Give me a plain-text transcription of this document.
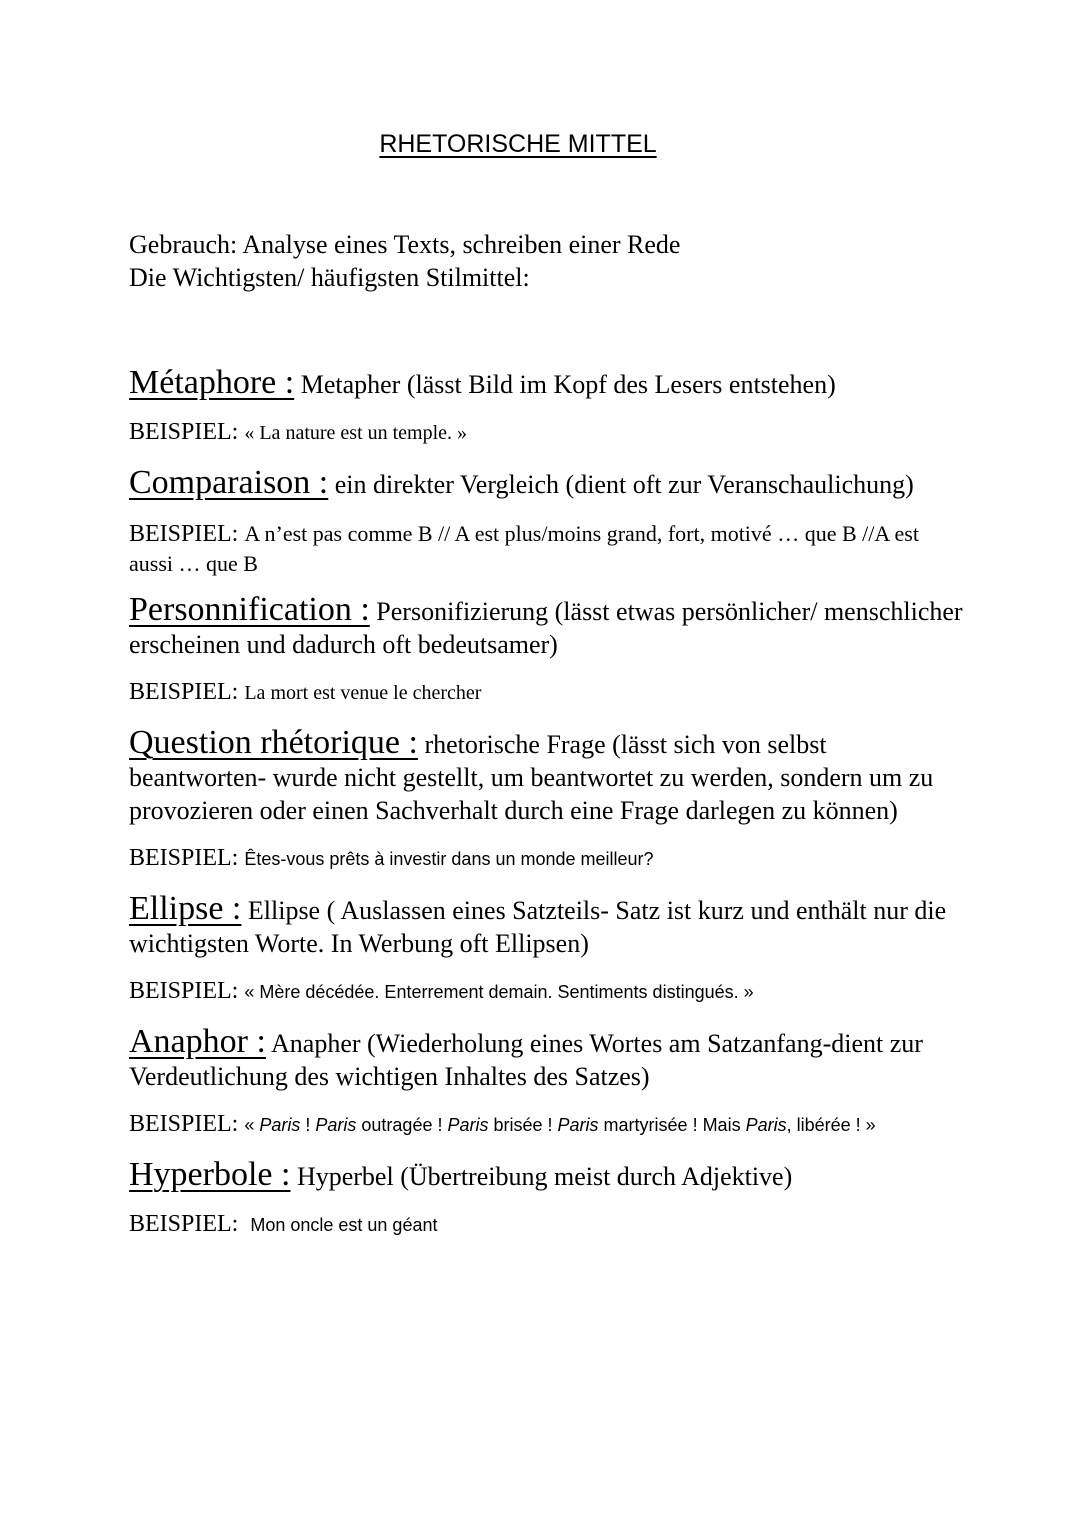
RHETORISCHE MITTEL
Gebrauch: Analyse eines Texts, schreiben einer Rede
Die Wichtigsten/ häufigsten Stilmittel:

Métaphore : Metapher (lässt Bild im Kopf des Lesers entstehen)

BEISPIEL: « La nature est un temple. »

Comparaison : ein direkter Vergleich (dient oft zur Veranschaulichung)

BEISPIEL: A n’est pas comme B // A est plus/moins grand, fort, motivé … que B //A est aussi … que B

Personnification : Personifizierung (lässt etwas persönlicher/ menschlicher erscheinen und dadurch oft bedeutsamer)

BEISPIEL: La mort est venue le chercher

Question rhétorique : rhetorische Frage (lässt sich von selbst beantworten- wurde nicht gestellt, um beantwortet zu werden, sondern um zu provozieren oder einen Sachverhalt durch eine Frage darlegen zu können)

BEISPIEL: Êtes-vous prêts à investir dans un monde meilleur?

Ellipse : Ellipse ( Auslassen eines Satzteils- Satz ist kurz und enthält nur die wichtigsten Worte. In Werbung oft Ellipsen)

BEISPIEL: « Mère décédée. Enterrement demain. Sentiments distingués. »

Anaphor : Anapher (Wiederholung eines Wortes am Satzanfang-dient zur Verdeutlichung des wichtigen Inhaltes des Satzes)

BEISPIEL: « Paris ! Paris outragée ! Paris brisée ! Paris martyrisée ! Mais Paris, libérée ! »

Hyperbole : Hyperbel (Übertreibung meist durch Adjektive)

BEISPIEL: Mon oncle est un géant
